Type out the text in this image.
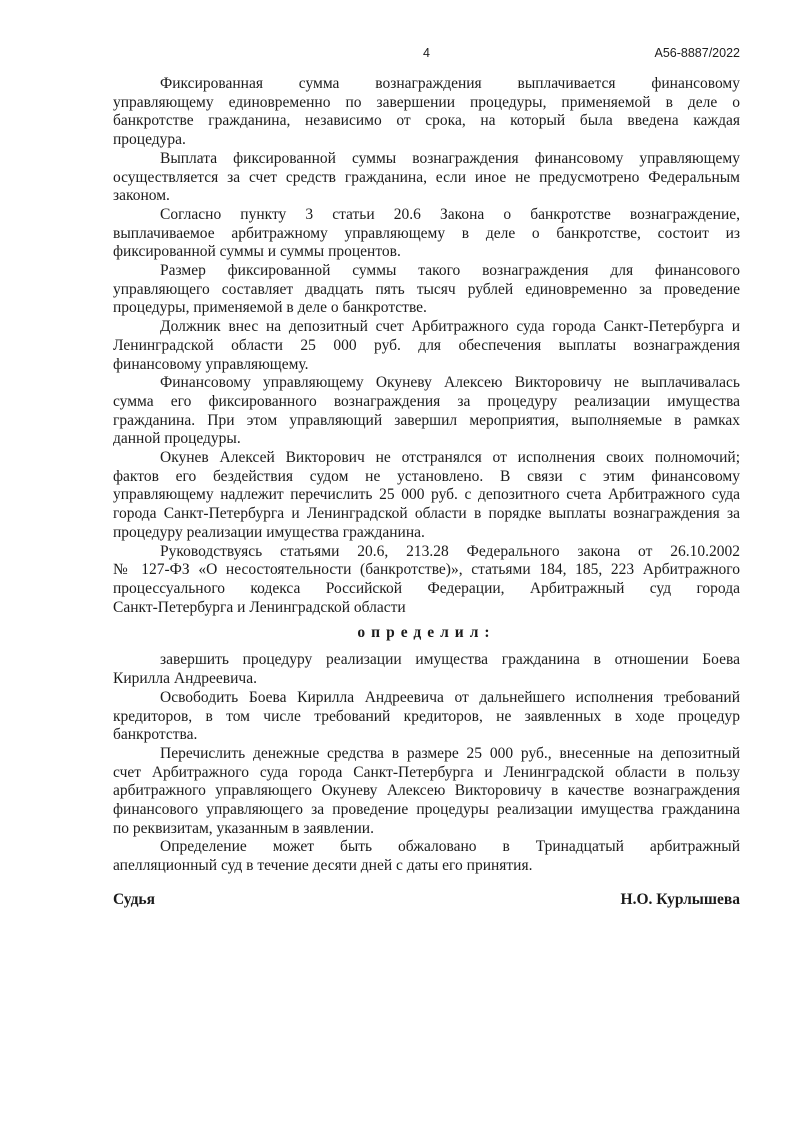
4	А56-8887/2022

Фиксированная сумма вознаграждения выплачивается финансовому
управляющему единовременно по завершении процедуры, применяемой в деле о
банкротстве гражданина, независимо от срока, на который была введена каждая
процедура.

Выплата фиксированной суммы вознаграждения финансовому управляющему
осуществляется за счет средств гражданина, если иное не предусмотрено Федеральным
законом.

Согласно пункту 3 статьи 20.6 Закона о банкротстве вознаграждение,
выплачиваемое арбитражному управляющему в деле о банкротстве, состоит из
фиксированной суммы и суммы процентов.

Размер фиксированной суммы такого вознаграждения для финансового
управляющего составляет двадцать пять тысяч рублей единовременно за проведение
процедуры, применяемой в деле о банкротстве.

Должник внес на депозитный счет Арбитражного суда города Санкт-Петербурга и
Ленинградской области 25 000 руб. для обеспечения выплаты вознаграждения
финансовому управляющему.

Финансовому управляющему Окуневу Алексею Викторовичу не выплачивалась
сумма его фиксированного вознаграждения за процедуру реализации имущества
гражданина. При этом управляющий завершил мероприятия, выполняемые в рамках
данной процедуры.

Окунев Алексей Викторович не отстранялся от исполнения своих полномочий;
фактов его бездействия судом не установлено. В связи с этим финансовому
управляющему надлежит перечислить 25 000 руб. с депозитного счета Арбитражного суда
города Санкт-Петербурга и Ленинградской области в порядке выплаты вознаграждения за
процедуру реализации имущества гражданина.

Руководствуясь статьями 20.6, 213.28 Федерального закона от 26.10.2002
№ 127-ФЗ «О несостоятельности (банкротстве)», статьями 184, 185, 223 Арбитражного
процессуального кодекса Российской Федерации, Арбитражный суд города
Санкт-Петербурга и Ленинградской области

определил:

завершить процедуру реализации имущества гражданина в отношении Боева
Кирилла Андреевича.

Освободить Боева Кирилла Андреевича от дальнейшего исполнения требований
кредиторов, в том числе требований кредиторов, не заявленных в ходе процедур
банкротства.

Перечислить денежные средства в размере 25 000 руб., внесенные на депозитный
счет Арбитражного суда города Санкт-Петербурга и Ленинградской области в пользу
арбитражного управляющего Окуневу Алексею Викторовичу в качестве вознаграждения
финансового управляющего за проведение процедуры реализации имущества гражданина
по реквизитам, указанным в заявлении.

Определение может быть обжаловано в Тринадцатый арбитражный
апелляционный суд в течение десяти дней с даты его принятия.

Судья	Н.О. Курлышева
